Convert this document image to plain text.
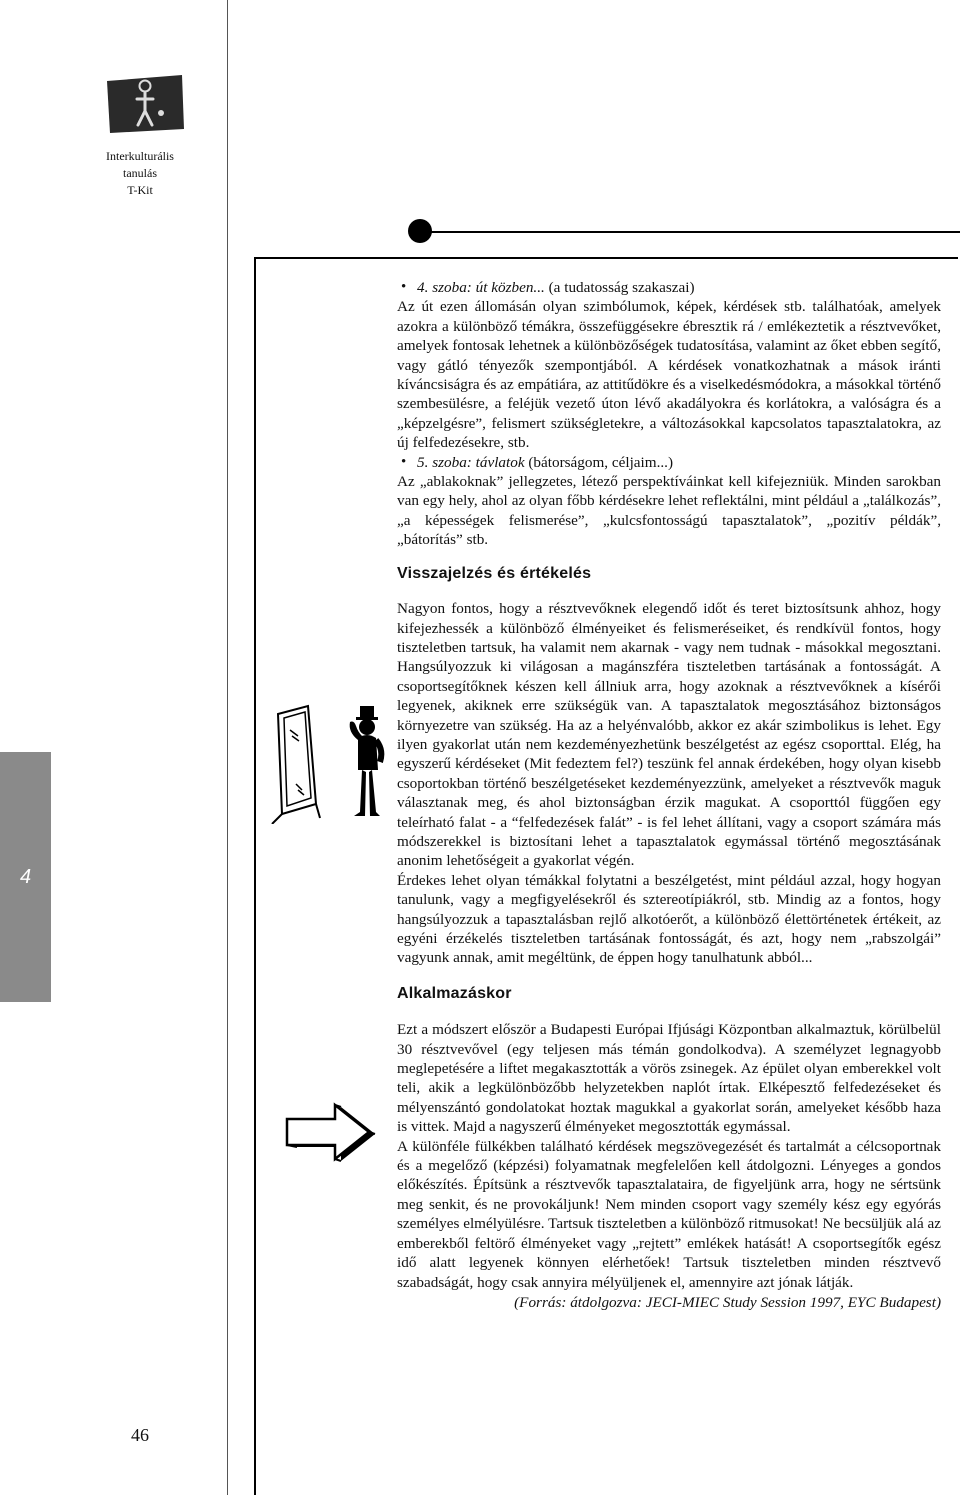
Interkulturális
tanulás
T-Kit
4
46

• 4. szoba: út közben... (a tudatosság szakaszai)

Az út ezen állomásán olyan szimbólumok, képek, kérdések stb. találhatóak, amelyek azokra a különböző témákra, összefüggésekre ébresztik rá / emlékeztetik a résztvevőket, amelyek fontosak lehetnek a különbözőségek tudatosítása, valamint az őket ebben segítő, vagy gátló tényezők szempontjából. A kérdések vonatkozhatnak a mások iránti kíváncsiságra és az empátiára, az attitűdökre és a viselkedésmódokra, a másokkal történő szembesülésre, a feléjük vezető úton lévő akadályokra és korlátokra, a valóságra és a „képzelgésre”, felismert szükségletekre, a változásokkal kapcsolatos tapasztalatokra, az új felfedezésekre, stb.

• 5. szoba: távlatok (bátorságom, céljaim...)

Az „ablakoknak” jellegzetes, létező perspektíváinkat kell kifejezniük. Minden sarokban van egy hely, ahol az olyan főbb kérdésekre lehet reflektálni, mint például a „találkozás”, „a képességek felismerése”, „kulcsfontosságú tapasztalatok”, „pozitív példák”, „bátorítás” stb.

Visszajelzés és értékelés

Nagyon fontos, hogy a résztvevőknek elegendő időt és teret biztosítsunk ahhoz, hogy kifejezhessék a különböző élményeiket és felismeréseiket, és rendkívül fontos, hogy tiszteletben tartsuk, ha valamit nem akarnak - vagy nem tudnak - másokkal megosztani. Hangsúlyozzuk ki világosan a magánszféra tiszteletben tartásának a fontosságát. A csoportsegítőknek készen kell állniuk arra, hogy azoknak a résztvevőknek a kísérői legyenek, akiknek erre szükségük van. A tapasztalatok megosztásához biztonságos környezetre van szükség. Ha az a helyénvalóbb, akkor ez akár szimbolikus is lehet. Egy ilyen gyakorlat után nem kezdeményezhetünk beszélgetést az egész csoporttal. Elég, ha egyszerű kérdéseket (Mit fedeztem fel?) teszünk fel annak érdekében, hogy olyan kisebb csoportokban történő beszélgetéseket kezdeményezzünk, amelyeket a résztvevők maguk választanak meg, és ahol biztonságban érzik magukat. A csoporttól függően egy teleírható falat - a “felfedezések falát” - is fel lehet állítani, vagy a csoport számára más módszerekkel is biztosítani lehet a tapasztalatok egymással történő megosztásának anonim lehetőségeit a gyakorlat végén.

Érdekes lehet olyan témákkal folytatni a beszélgetést, mint például azzal, hogy hogyan tanulunk, vagy a megfigyelésekről és sztereotípiákról, stb. Mindig az a fontos, hogy hangsúlyozzuk a tapasztalásban rejlő alkotóerőt, a különböző élettörténetek értékeit, az egyéni érzékelés tiszteletben tartásának fontosságát, és azt, hogy nem „rabszolgái” vagyunk annak, amit megéltünk, de éppen hogy tanulhatunk abból...

Alkalmazáskor

Ezt a módszert először a Budapesti Európai Ifjúsági Központban alkalmaztuk, körülbelül 30 résztvevővel (egy teljesen más témán gondolkodva). A személyzet legnagyobb meglepetésére a liftet megakasztották a vörös zsinegek. Az épület olyan emberekkel volt teli, akik a legkülönbözőbb helyzetekben naplót írtak. Elképesztő felfedezéseket és mélyenszántó gondolatokat hoztak magukkal a gyakorlat során, amelyeket később haza is vittek. Majd a nagyszerű élményeket megosztották egymással.

A különféle fülkékben található kérdések megszövegezését és tartalmát a célcsoportnak és a megelőző (képzési) folyamatnak megfelelően kell átdolgozni. Lényeges a gondos előkészítés. Építsünk a résztvevők tapasztalataira, de figyeljünk arra, hogy ne sértsünk meg senkit, és ne provokáljunk! Nem minden csoport vagy személy kész egy egyórás személyes elmélyülésre. Tartsuk tiszteletben a különböző ritmusokat! Ne becsüljük alá az emberekből feltörő élményeket vagy „rejtett” emlékek hatását! A csoportsegítők egész idő alatt legyenek könnyen elérhetőek! Tartsuk tiszteletben minden résztvevő szabadságát, hogy csak annyira mélyüljenek el, amennyire azt jónak látják.

(Forrás: átdolgozva: JECI-MIEC Study Session 1997, EYC Budapest)
